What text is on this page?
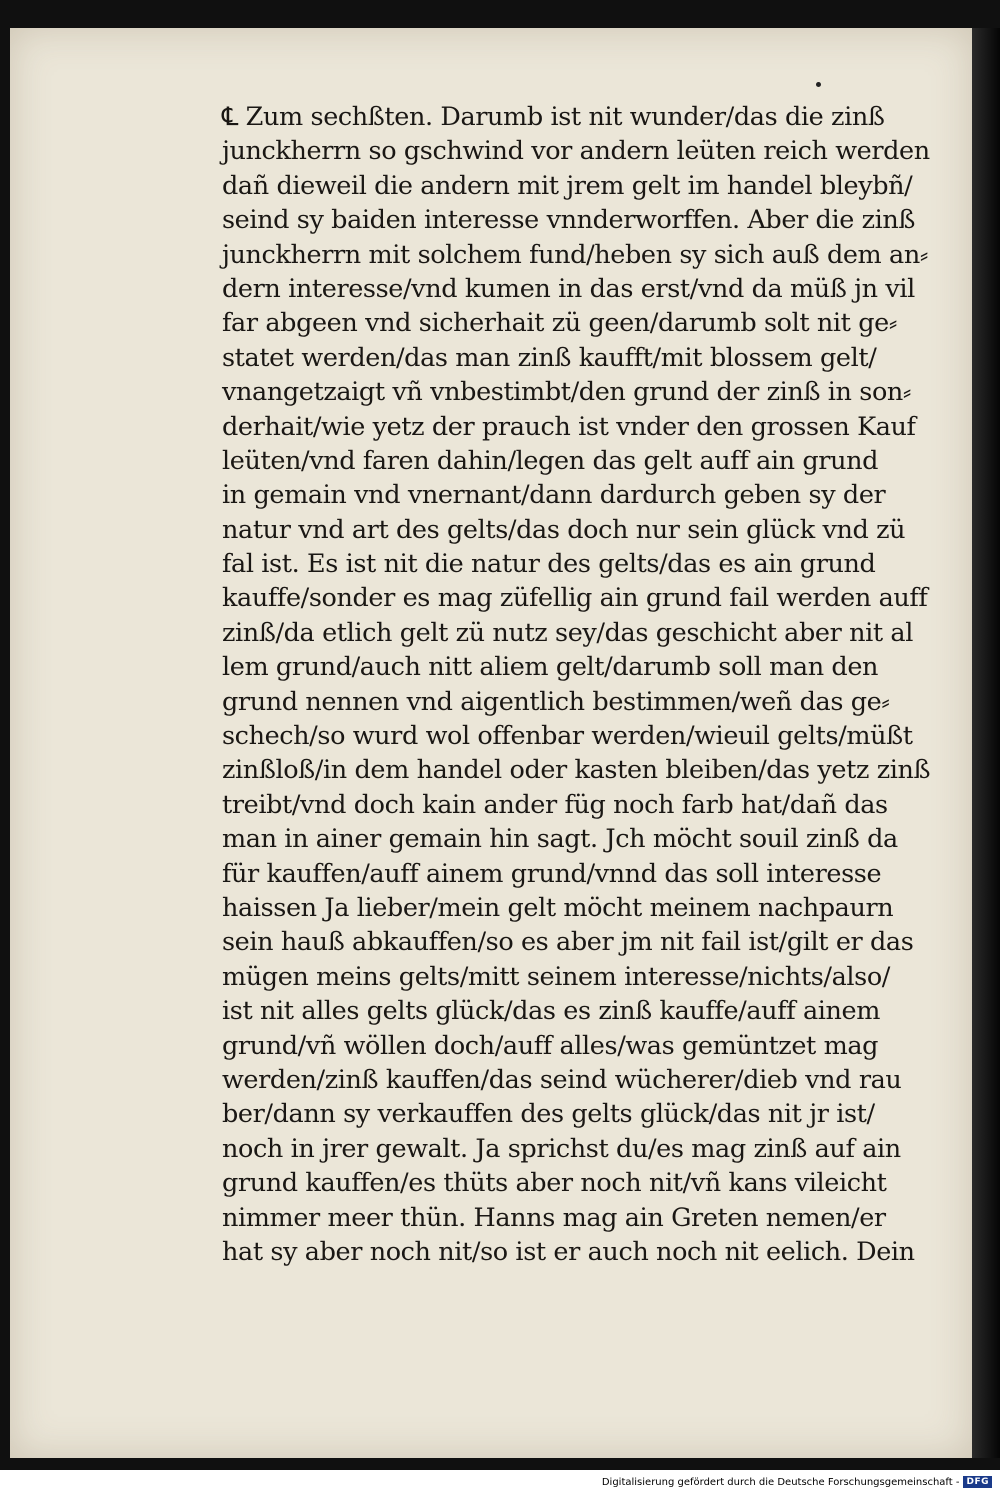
℄ Zum sechßten. Darumb ist nit wunder/das die zinß
junckherrn so gschwind vor andern leüten reich werden
dañ dieweil die andern mit jrem gelt im handel bleybñ/
seind sy baiden interesse vnnderworffen. Aber die zinß
junckherrn mit solchem fund/heben sy sich auß dem an⸗
dern interesse/vnd kumen in das erst/vnd da müß jn vil
far abgeen vnd sicherhait zü geen/darumb solt nit ge⸗
statet werden/das man zinß kaufft/mit blossem gelt/
vnangetzaigt vñ vnbestimbt/den grund der zinß in son⸗
derhait/wie yetz der prauch ist vnder den grossen Kauf
leüten/vnd faren dahin/legen das gelt auff ain grund
in gemain vnd vnernant/dann dardurch geben sy der
natur vnd art des gelts/das doch nur sein glück vnd zü
fal ist. Es ist nit die natur des gelts/das es ain grund
kauffe/sonder es mag züfellig ain grund fail werden auff
zinß/da etlich gelt zü nutz sey/das geschicht aber nit al
lem grund/auch nitt aliem gelt/darumb soll man den
grund nennen vnd aigentlich bestimmen/weñ das ge⸗
schech/so wurd wol offenbar werden/wieuil gelts/müßt
zinßloß/in dem handel oder kasten bleiben/das yetz zinß
treibt/vnd doch kain ander füg noch farb hat/dañ das
man in ainer gemain hin sagt. Jch möcht souil zinß da
für kauffen/auff ainem grund/vnnd das soll interesse
haissen Ja lieber/mein gelt möcht meinem nachpaurn
sein hauß abkauffen/so es aber jm nit fail ist/gilt er das
mügen meins gelts/mitt seinem interesse/nichts/also/
ist nit alles gelts glück/das es zinß kauffe/auff ainem
grund/vñ wöllen doch/auff alles/was gemüntzet mag
werden/zinß kauffen/das seind wücherer/dieb vnd rau
ber/dann sy verkauffen des gelts glück/das nit jr ist/
noch in jrer gewalt. Ja sprichst du/es mag zinß auf ain
grund kauffen/es thüts aber noch nit/vñ kans vileicht
nimmer meer thün. Hanns mag ain Greten nemen/er
hat sy aber noch nit/so ist er auch noch nit eelich. Dein
Digitalisierung gefördert durch die Deutsche Forschungsgemeinschaft - DFG
